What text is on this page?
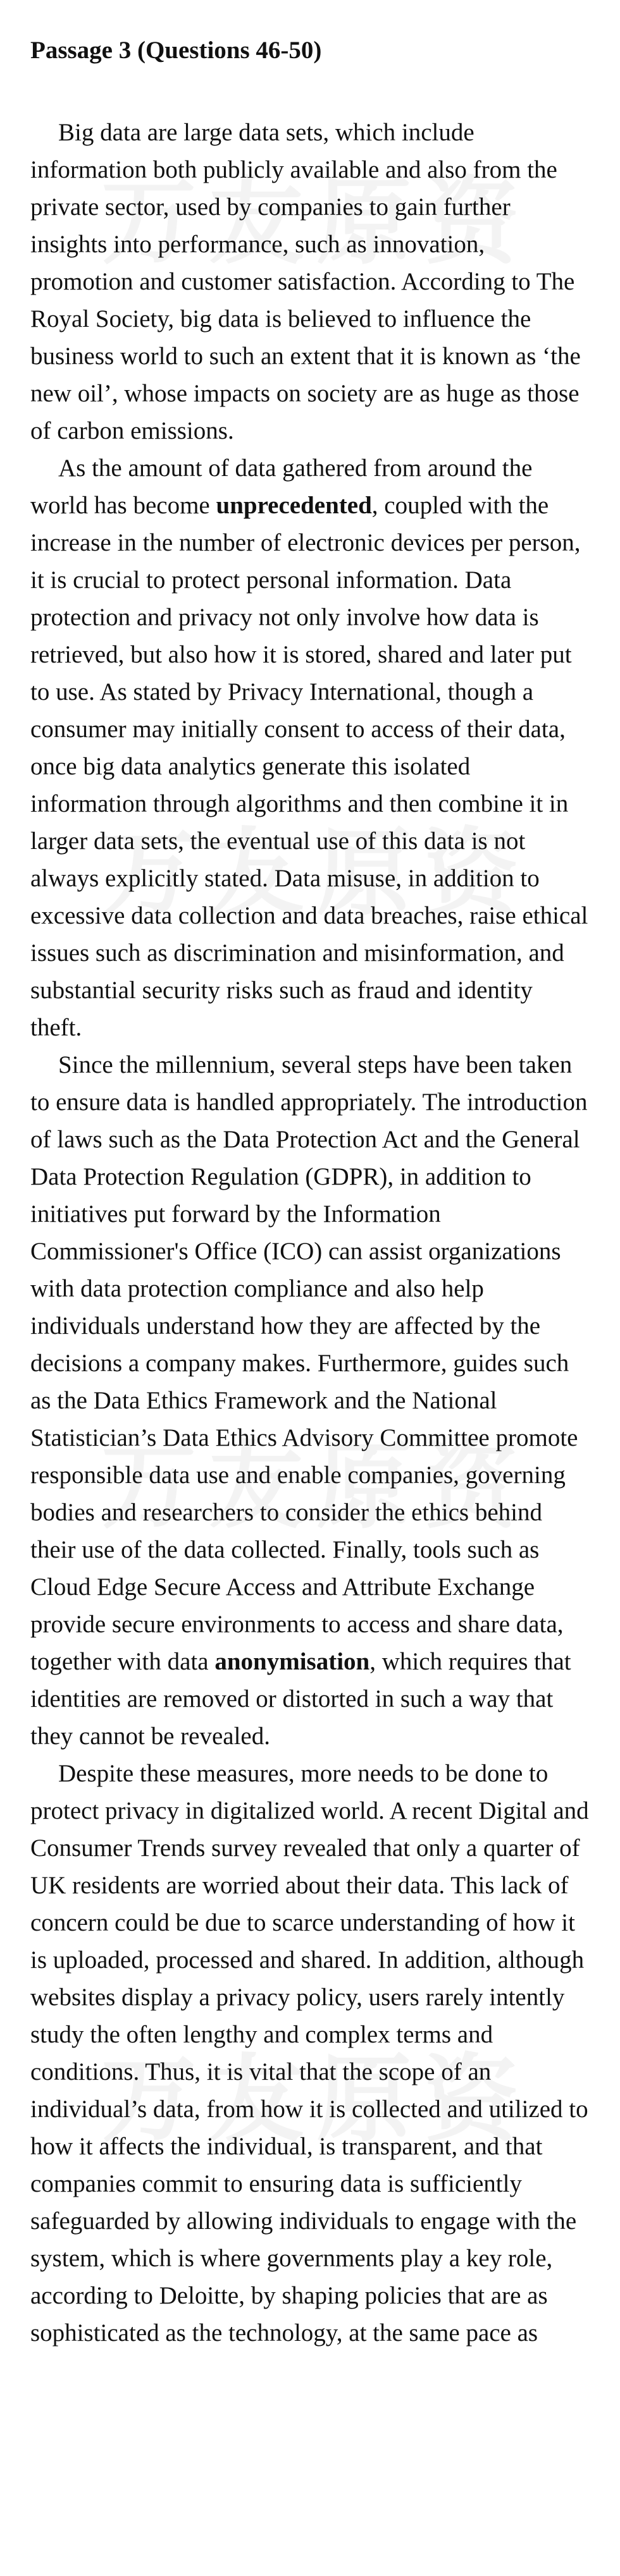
Passage 3 (Questions 46-50)

Big data are large data sets, which include information both publicly available and also from the private sector, used by companies to gain further insights into performance, such as innovation, promotion and customer satisfaction. According to The Royal Society, big data is believed to influence the business world to such an extent that it is known as ‘the new oil’, whose impacts on society are as huge as those of carbon emissions.

As the amount of data gathered from around the world has become unprecedented, coupled with the increase in the number of electronic devices per person, it is crucial to protect personal information. Data protection and privacy not only involve how data is retrieved, but also how it is stored, shared and later put to use. As stated by Privacy International, though a consumer may initially consent to access of their data, once big data analytics generate this isolated information through algorithms and then combine it in larger data sets, the eventual use of this data is not always explicitly stated. Data misuse, in addition to excessive data collection and data breaches, raise ethical issues such as discrimination and misinformation, and substantial security risks such as fraud and identity theft.

Since the millennium, several steps have been taken to ensure data is handled appropriately. The introduction of laws such as the Data Protection Act and the General Data Protection Regulation (GDPR), in addition to initiatives put forward by the Information Commissioner's Office (ICO) can assist organizations with data protection compliance and also help individuals understand how they are affected by the decisions a company makes. Furthermore, guides such as the Data Ethics Framework and the National Statistician’s Data Ethics Advisory Committee promote responsible data use and enable companies, governing bodies and researchers to consider the ethics behind their use of the data collected. Finally, tools such as Cloud Edge Secure Access and Attribute Exchange provide secure environments to access and share data, together with data anonymisation, which requires that identities are removed or distorted in such a way that they cannot be revealed.

Despite these measures, more needs to be done to protect privacy in digitalized world. A recent Digital and Consumer Trends survey revealed that only a quarter of UK residents are worried about their data. This lack of concern could be due to scarce understanding of how it is uploaded, processed and shared. In addition, although websites display a privacy policy, users rarely intently study the often lengthy and complex terms and conditions. Thus, it is vital that the scope of an individual’s data, from how it is collected and utilized to how it affects the individual, is transparent, and that companies commit to ensuring data is sufficiently safeguarded by allowing individuals to engage with the system, which is where governments play a key role, according to Deloitte, by shaping policies that are as sophisticated as the technology, at the same pace as
